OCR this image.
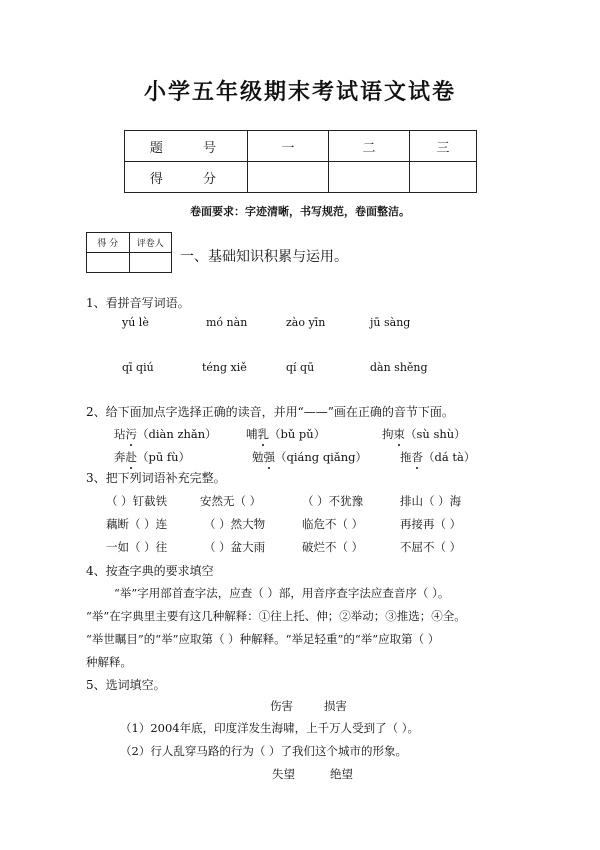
小学五年级期末考试语文试卷
题 号	一	二	三
得 分			
卷面要求：字迹清晰，书写规范，卷面整洁。
得 分	评卷人

一、基础知识积累与运用。
1、看拼音写词语。
yú lè	mó nàn	zào yīn	jū sàng
qī qiú	téng xiě	qí qū	dàn shěng
2、给下面加点字选择正确的读音，并用“——”画在正确的音节下面。
玷污（diàn zhǎn）	哺乳（bǔ pǔ）	拘束（sù shù）
奔赴（pū fù）	勉强（qiáng qiǎng）	拖沓（dá tà）
3、把下列词语补充完整。
（ ）钉截铁	安然无（ ）	（ ）不犹豫	排山（ ）海
藕断（ ）连	（ ）然大物	临危不（ ）	再接再（ ）
一如（ ）往	（ ）盆大雨	破烂不（ ）	不屈不（ ）
4、按查字典的要求填空
“举”字用部首查字法，应查（ ）部，用音序查字法应查音序（ ）。
“举”在字典里主要有这几种解释：①往上托、伸；②举动；③推选；④全。
“举世瞩目”的“举”应取第（ ）种解释。“举足轻重”的“举”应取第（ ）
种解释。
5、选词填空。
伤害	损害
（1）2004年底，印度洋发生海啸，上千万人受到了（ ）。
（2）行人乱穿马路的行为（ ）了我们这个城市的形象。
失望	绝望
